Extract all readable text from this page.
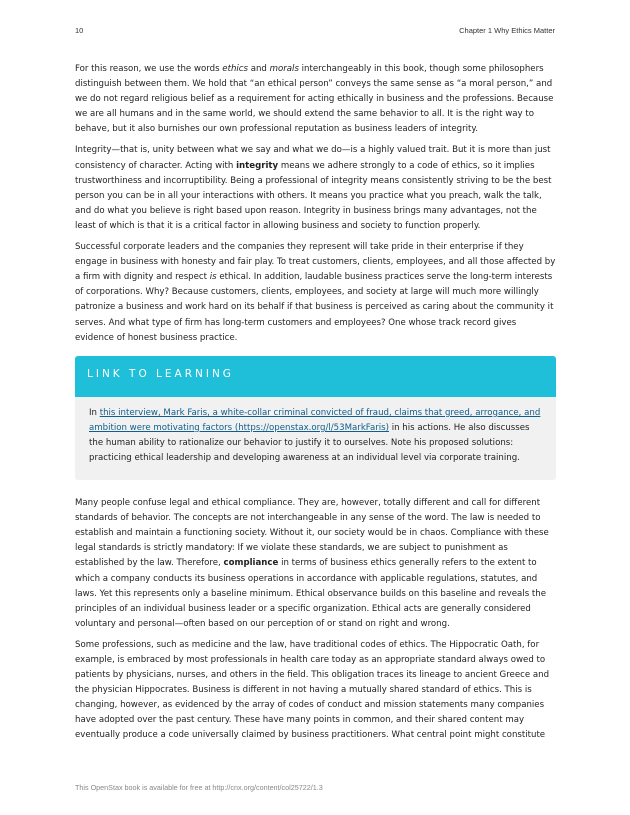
10	Chapter 1 Why Ethics Matter

For this reason, we use the words ethics and morals interchangeably in this book, though some philosophers distinguish between them. We hold that “an ethical person” conveys the same sense as “a moral person,” and we do not regard religious belief as a requirement for acting ethically in business and the professions. Because we are all humans and in the same world, we should extend the same behavior to all. It is the right way to behave, but it also burnishes our own professional reputation as business leaders of integrity.

Integrity—that is, unity between what we say and what we do—is a highly valued trait. But it is more than just consistency of character. Acting with integrity means we adhere strongly to a code of ethics, so it implies trustworthiness and incorruptibility. Being a professional of integrity means consistently striving to be the best person you can be in all your interactions with others. It means you practice what you preach, walk the talk, and do what you believe is right based upon reason. Integrity in business brings many advantages, not the least of which is that it is a critical factor in allowing business and society to function properly.

Successful corporate leaders and the companies they represent will take pride in their enterprise if they engage in business with honesty and fair play. To treat customers, clients, employees, and all those affected by a firm with dignity and respect is ethical. In addition, laudable business practices serve the long-term interests of corporations. Why? Because customers, clients, employees, and society at large will much more willingly patronize a business and work hard on its behalf if that business is perceived as caring about the community it serves. And what type of firm has long-term customers and employees? One whose track record gives evidence of honest business practice.

LINK TO LEARNING

In this interview, Mark Faris, a white-collar criminal convicted of fraud, claims that greed, arrogance, and ambition were motivating factors (https://openstax.org/l/53MarkFaris) in his actions. He also discusses the human ability to rationalize our behavior to justify it to ourselves. Note his proposed solutions: practicing ethical leadership and developing awareness at an individual level via corporate training.

Many people confuse legal and ethical compliance. They are, however, totally different and call for different standards of behavior. The concepts are not interchangeable in any sense of the word. The law is needed to establish and maintain a functioning society. Without it, our society would be in chaos. Compliance with these legal standards is strictly mandatory: If we violate these standards, we are subject to punishment as established by the law. Therefore, compliance in terms of business ethics generally refers to the extent to which a company conducts its business operations in accordance with applicable regulations, statutes, and laws. Yet this represents only a baseline minimum. Ethical observance builds on this baseline and reveals the principles of an individual business leader or a specific organization. Ethical acts are generally considered voluntary and personal—often based on our perception of or stand on right and wrong.

Some professions, such as medicine and the law, have traditional codes of ethics. The Hippocratic Oath, for example, is embraced by most professionals in health care today as an appropriate standard always owed to patients by physicians, nurses, and others in the field. This obligation traces its lineage to ancient Greece and the physician Hippocrates. Business is different in not having a mutually shared standard of ethics. This is changing, however, as evidenced by the array of codes of conduct and mission statements many companies have adopted over the past century. These have many points in common, and their shared content may eventually produce a code universally claimed by business practitioners. What central point might constitute

This OpenStax book is available for free at http://cnx.org/content/col25722/1.3
